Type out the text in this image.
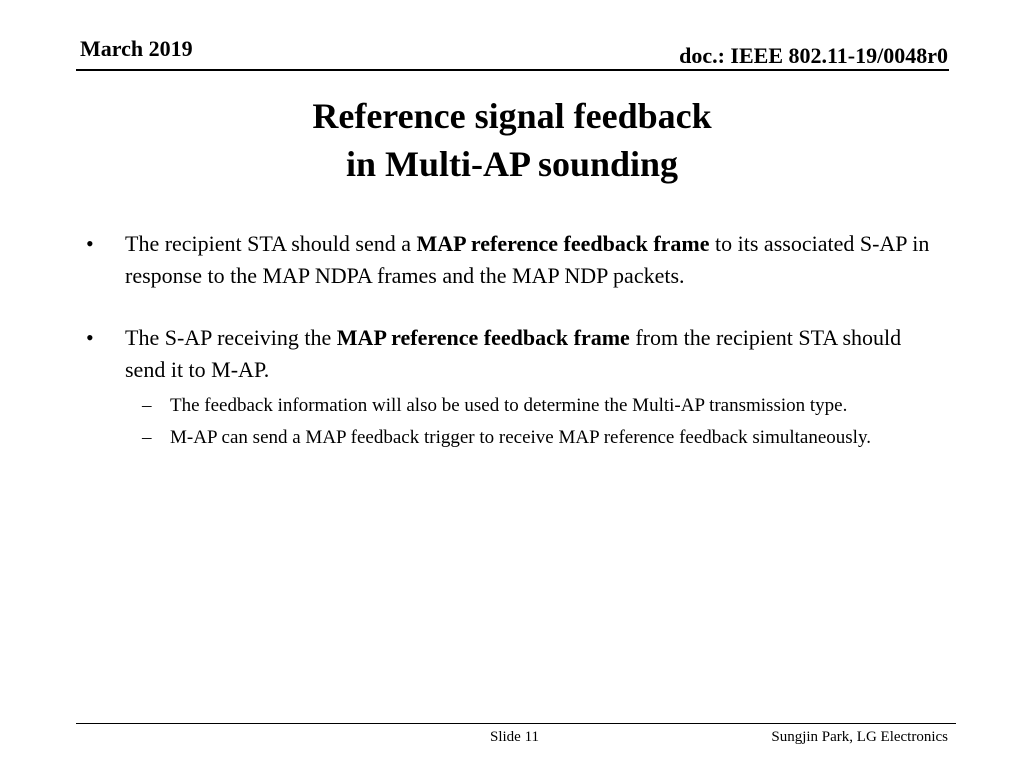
March 2019	doc.: IEEE 802.11-19/0048r0
Reference signal feedback
in Multi-AP sounding
• The recipient STA should send a MAP reference feedback frame to its associated S-AP in response to the MAP NDPA frames and the MAP NDP packets.
• The S-AP receiving the MAP reference feedback frame from the recipient STA should send it to M-AP.
– The feedback information will also be used to determine the Multi-AP transmission type.
– M-AP can send a MAP feedback trigger to receive MAP reference feedback simultaneously.
Slide 11	Sungjin Park, LG Electronics
